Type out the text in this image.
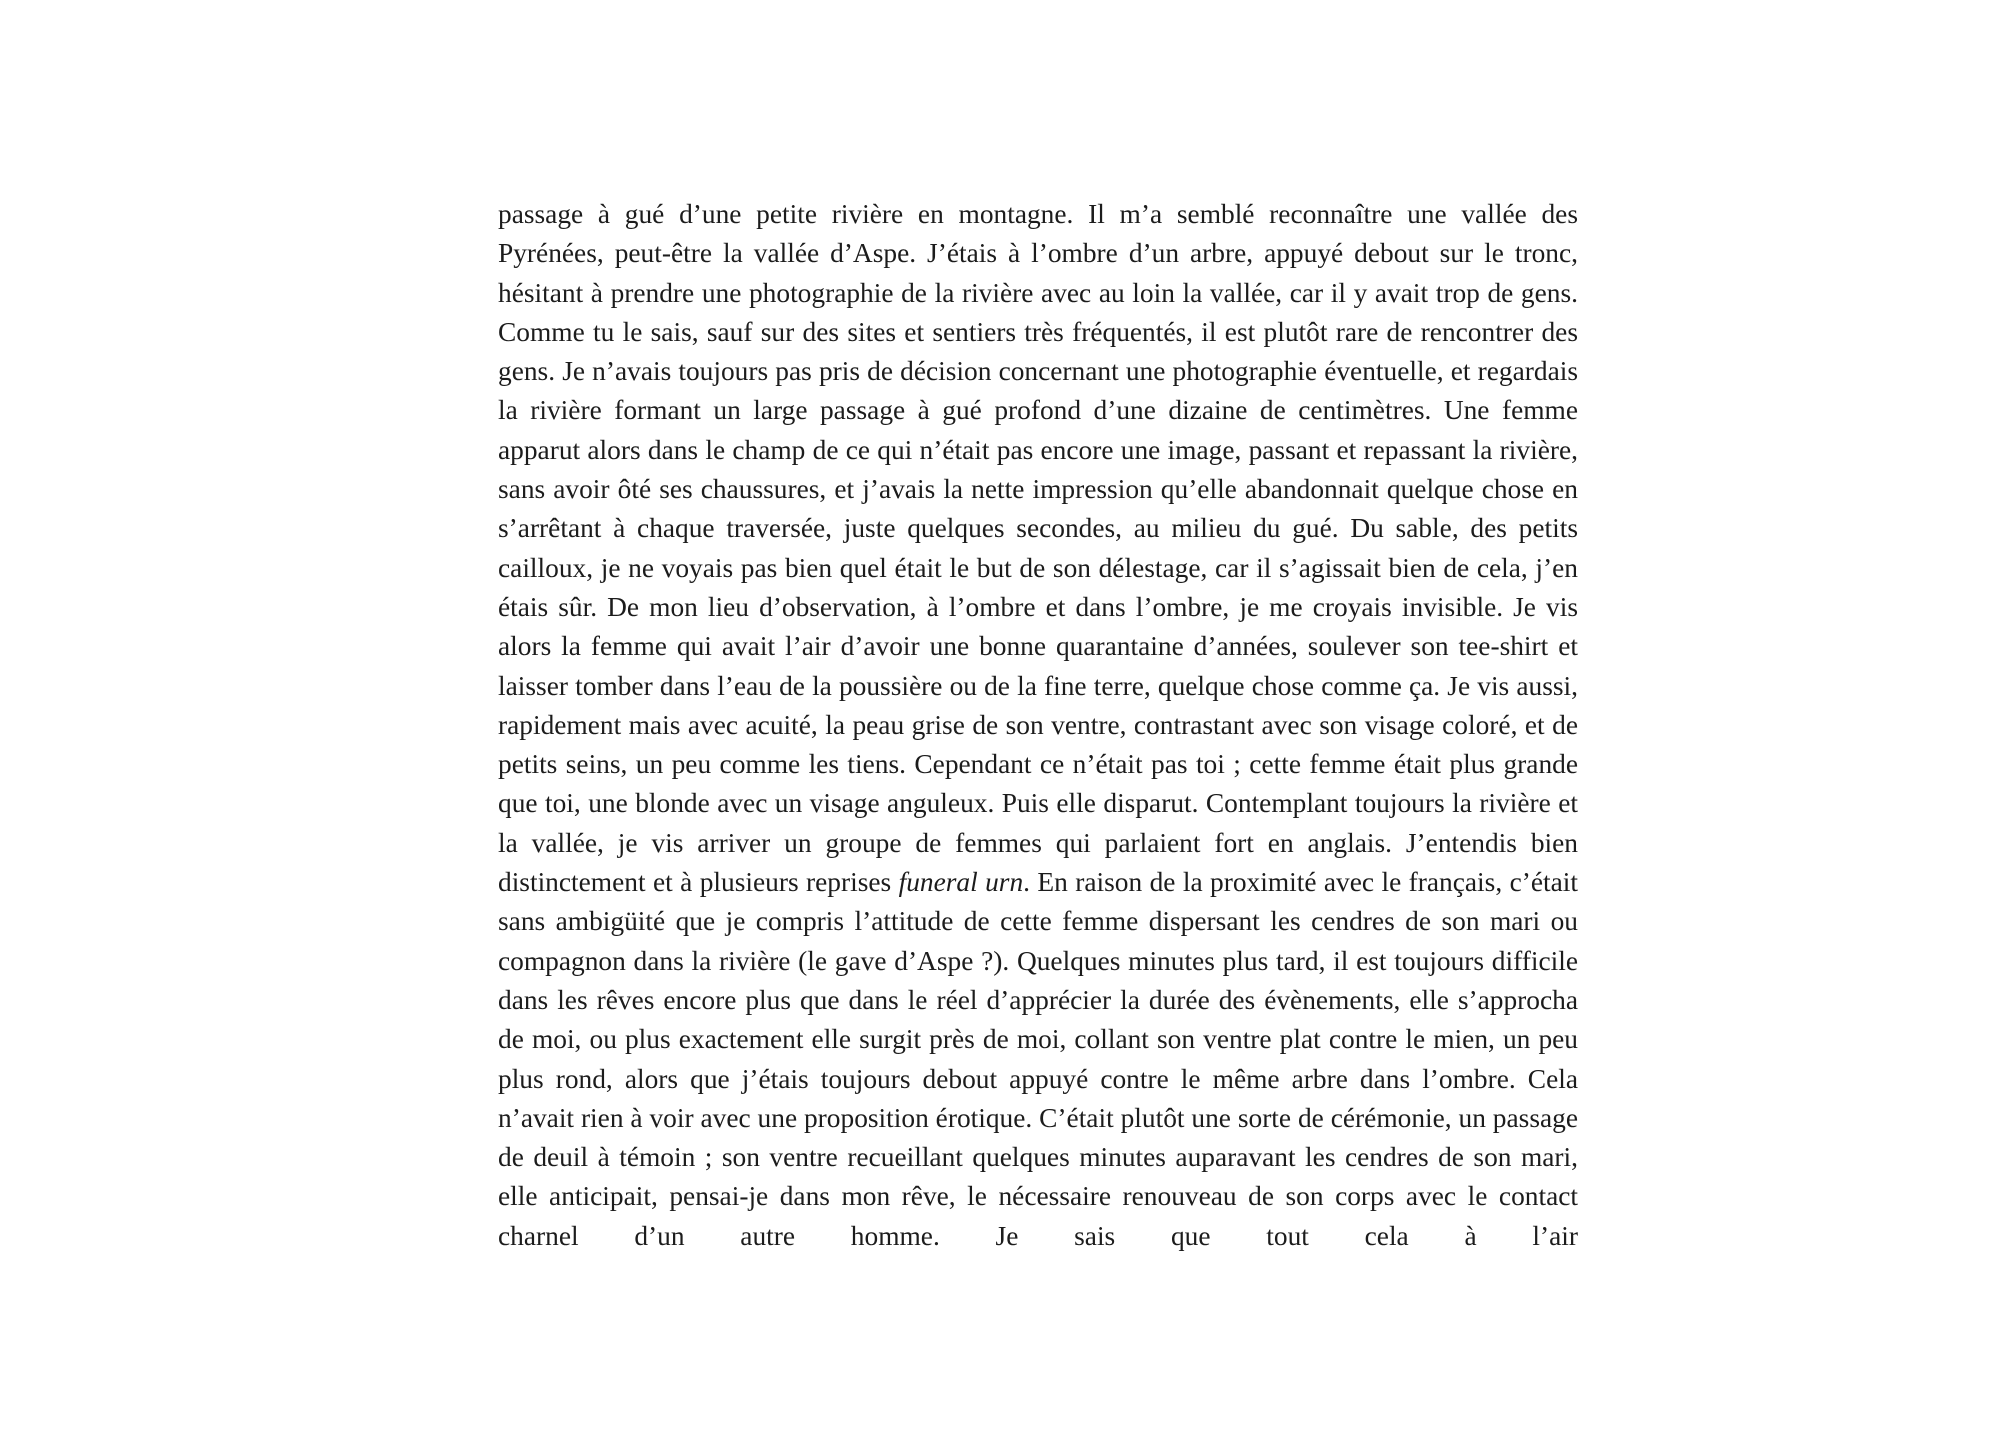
passage à gué d’une petite rivière en montagne. Il m’a semblé reconnaître une vallée des Pyrénées, peut-être la vallée d’Aspe. J’étais à l’ombre d’un arbre, appuyé debout sur le tronc, hésitant à prendre une photographie de la rivière avec au loin la vallée, car il y avait trop de gens. Comme tu le sais, sauf sur des sites et sentiers très fréquentés, il est plutôt rare de rencontrer des gens. Je n’avais toujours pas pris de décision concernant une photographie éventuelle, et regardais la rivière formant un large passage à gué profond d’une dizaine de centimètres. Une femme apparut alors dans le champ de ce qui n’était pas encore une image, passant et repassant la rivière, sans avoir ôté ses chaussures, et j’avais la nette impression qu’elle abandonnait quelque chose en s’arrêtant à chaque traversée, juste quelques secondes, au milieu du gué. Du sable, des petits cailloux, je ne voyais pas bien quel était le but de son délestage, car il s’agissait bien de cela, j’en étais sûr. De mon lieu d’observation, à l’ombre et dans l’ombre, je me croyais invisible. Je vis alors la femme qui avait l’air d’avoir une bonne quarantaine d’années, soulever son tee-shirt et laisser tomber dans l’eau de la poussière ou de la fine terre, quelque chose comme ça. Je vis aussi, rapidement mais avec acuité, la peau grise de son ventre, contrastant avec son visage coloré, et de petits seins, un peu comme les tiens. Cependant ce n’était pas toi ; cette femme était plus grande que toi, une blonde avec un visage anguleux. Puis elle disparut. Contemplant toujours la rivière et la vallée, je vis arriver un groupe de femmes qui parlaient fort en anglais. J’entendis bien distinctement et à plusieurs reprises funeral urn. En raison de la proximité avec le français, c’était sans ambigüité que je compris l’attitude de cette femme dispersant les cendres de son mari ou compagnon dans la rivière (le gave d’Aspe ?). Quelques minutes plus tard, il est toujours difficile dans les rêves encore plus que dans le réel d’apprécier la durée des évènements, elle s’approcha de moi, ou plus exactement elle surgit près de moi, collant son ventre plat contre le mien, un peu plus rond, alors que j’étais toujours debout appuyé contre le même arbre dans l’ombre. Cela n’avait rien à voir avec une proposition érotique. C’était plutôt une sorte de cérémonie, un passage de deuil à témoin ; son ventre recueillant quelques minutes auparavant les cendres de son mari, elle anticipait, pensai-je dans mon rêve, le nécessaire renouveau de son corps avec le contact charnel d’un autre homme. Je sais que tout cela à l’air
